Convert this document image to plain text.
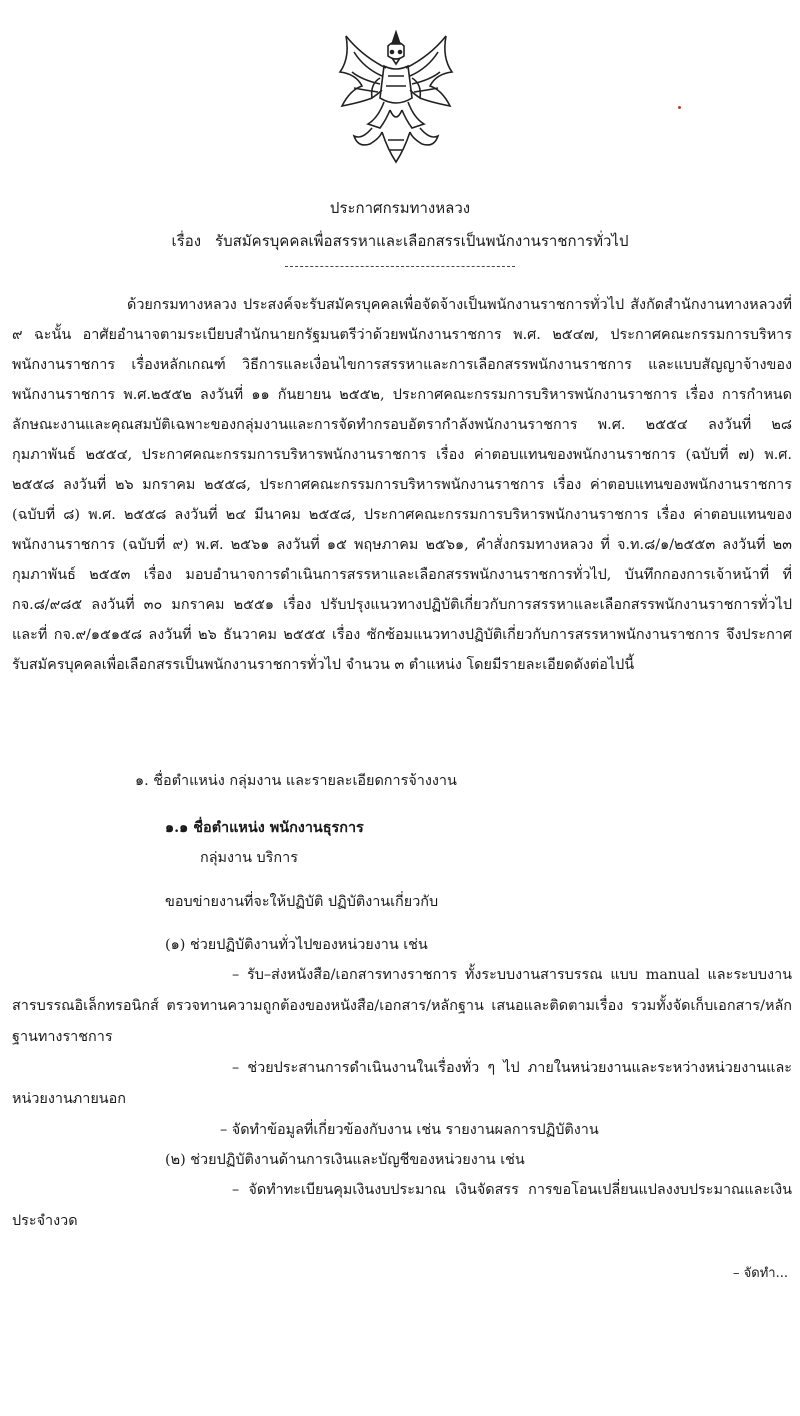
ประกาศกรมทางหลวง
เรื่อง รับสมัครบุคคลเพื่อสรรหาและเลือกสรรเป็นพนักงานราชการทั่วไป
ด้วยกรมทางหลวง ประสงค์จะรับสมัครบุคคลเพื่อจัดจ้างเป็นพนักงานราชการทั่วไป สังกัดสำนักงานทางหลวงที่ ๙ ฉะนั้น อาศัยอำนาจตามระเบียบสำนักนายกรัฐมนตรีว่าด้วยพนักงานราชการ พ.ศ. ๒๕๔๗, ประกาศคณะกรรมการบริหารพนักงานราชการ เรื่องหลักเกณฑ์ วิธีการและเงื่อนไขการสรรหาและการเลือกสรรพนักงานราชการ และแบบสัญญาจ้างของ พนักงานราชการ พ.ศ.๒๕๕๒ ลงวันที่ ๑๑ กันยายน ๒๕๕๒, ประกาศคณะกรรมการบริหารพนักงานราชการ เรื่อง การกำหนดลักษณะงานและคุณสมบัติเฉพาะของกลุ่มงานและการจัดทำกรอบอัตรากำลังพนักงานราชการ พ.ศ. ๒๕๕๔ ลงวันที่ ๒๘ กุมภาพันธ์ ๒๕๕๔, ประกาศคณะกรรมการบริหารพนักงานราชการ เรื่อง ค่าตอบแทนของพนักงานราชการ (ฉบับที่ ๗) พ.ศ. ๒๕๕๘ ลงวันที่ ๒๖ มกราคม ๒๕๕๘, ประกาศคณะกรรมการบริหารพนักงานราชการ เรื่อง ค่าตอบแทนของพนักงานราชการ (ฉบับที่ ๘) พ.ศ. ๒๕๕๘ ลงวันที่ ๒๔ มีนาคม ๒๕๕๘, ประกาศคณะกรรมการบริหารพนักงานราชการ เรื่อง ค่าตอบแทนของพนักงานราชการ (ฉบับที่ ๙) พ.ศ. ๒๕๖๑ ลงวันที่ ๑๕ พฤษภาคม ๒๕๖๑, คำสั่งกรมทางหลวง ที่ จ.ท.๘/๑/๒๕๕๓ ลงวันที่ ๒๓ กุมภาพันธ์ ๒๕๕๓ เรื่อง มอบอำนาจการดำเนินการสรรหาและเลือกสรรพนักงานราชการทั่วไป, บันทึกกองการเจ้าหน้าที่ ที่ กจ.๘/๙๘๕ ลงวันที่ ๓๐ มกราคม ๒๕๕๑ เรื่อง ปรับปรุงแนวทางปฏิบัติเกี่ยวกับการสรรหาและเลือกสรรพนักงานราชการทั่วไป และที่ กจ.๙/๑๕๑๕๘ ลงวันที่ ๒๖ ธันวาคม ๒๕๕๕ เรื่อง ซักซ้อมแนวทางปฏิบัติเกี่ยวกับการสรรหาพนักงานราชการ จึงประกาศรับสมัครบุคคลเพื่อเลือกสรรเป็นพนักงานราชการทั่วไป จำนวน ๓ ตำแหน่ง โดยมีรายละเอียดดังต่อไปนี้
๑. ชื่อตำแหน่ง กลุ่มงาน และรายละเอียดการจ้างงาน
๑.๑ ชื่อตำแหน่ง พนักงานธุรการ
กลุ่มงาน บริการ
ขอบข่ายงานที่จะให้ปฏิบัติ ปฏิบัติงานเกี่ยวกับ
(๑) ช่วยปฏิบัติงานทั่วไปของหน่วยงาน เช่น
– รับ–ส่งหนังสือ/เอกสารทางราชการ ทั้งระบบงานสารบรรณ แบบ manual และระบบงานสารบรรณอิเล็กทรอนิกส์ ตรวจทานความถูกต้องของหนังสือ/เอกสาร/หลักฐาน เสนอและติดตามเรื่อง รวมทั้งจัดเก็บเอกสาร/หลักฐานทางราชการ
– ช่วยประสานการดำเนินงานในเรื่องทั่ว ๆ ไป ภายในหน่วยงานและระหว่างหน่วยงานและหน่วยงานภายนอก
– จัดทำข้อมูลที่เกี่ยวข้องกับงาน เช่น รายงานผลการปฏิบัติงาน
(๒) ช่วยปฏิบัติงานด้านการเงินและบัญชีของหน่วยงาน เช่น
– จัดทำทะเบียนคุมเงินงบประมาณ เงินจัดสรร การขอโอนเปลี่ยนแปลงงบประมาณและเงินประจำงวด
– จัดทำ...
